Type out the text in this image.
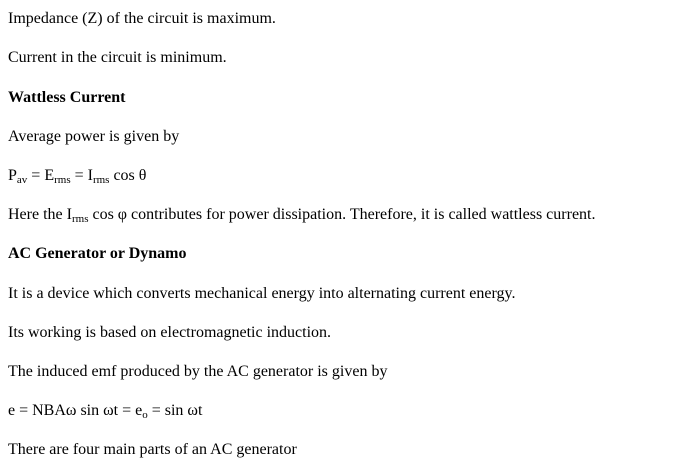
Impedance (Z) of the circuit is maximum.
Current in the circuit is minimum.
Wattless Current
Average power is given by
$P_{av} = E_{rms} = I_{rms}$ cos θ
Here the $I_{rms}$ cos φ contributes for power dissipation. Therefore, it is called wattless current.
AC Generator or Dynamo
It is a device which converts mechanical energy into alternating current energy.
Its working is based on electromagnetic induction.
The induced emf produced by the AC generator is given by
e = NBAω $\sin \omega t = e_o = \sin \omega t$
There are four main parts of an AC generator
